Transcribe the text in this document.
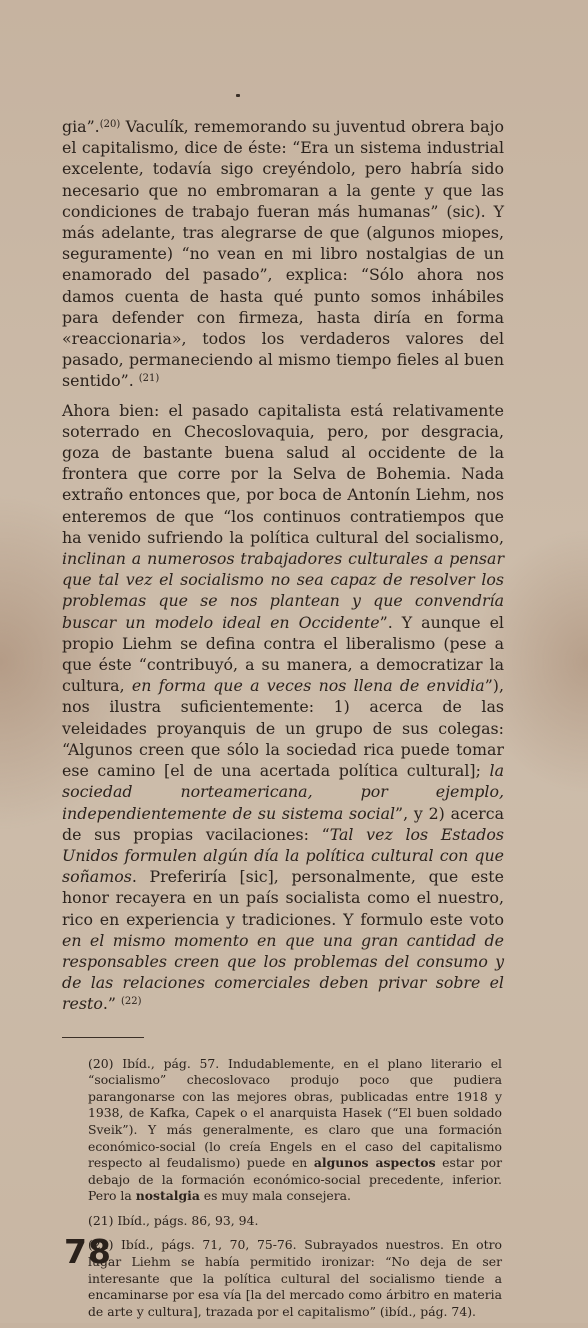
gia”.$^{(20)}$ Vaculík, rememorando su juventud obrera bajo el capitalismo, dice de éste: “Era un sistema industrial excelente, todavía sigo creyéndolo, pero habría sido necesario que no embromaran a la gente y que las condiciones de trabajo fueran más humanas” (sic). Y más adelante, tras alegrarse de que (algunos miopes, seguramente) “no vean en mi libro nostalgias de un enamorado del pasado”, explica: “Sólo ahora nos damos cuenta de hasta qué punto somos inhábiles para defender con firmeza, hasta diría en forma «reaccionaria», todos los verdaderos valores del pasado, permaneciendo al mismo tiempo fieles al buen sentido”. $^{(21)}$

Ahora bien: el pasado capitalista está relativamente soterrado en Checoslovaquia, pero, por desgracia, goza de bastante buena salud al occidente de la frontera que corre por la Selva de Bohemia. Nada extraño entonces que, por boca de Antonín Liehm, nos enteremos de que “los continuos contratiempos que ha venido sufriendo la política cultural del socialismo, inclinan a numerosos trabajadores culturales a pensar que tal vez el socialismo no sea capaz de resolver los problemas que se nos plantean y que convendría buscar un modelo ideal en Occidente”. Y aunque el propio Liehm se defina contra el liberalismo (pese a que éste “contribuyó, a su manera, a democratizar la cultura, en forma que a veces nos llena de envidia”), nos ilustra suficientemente: 1) acerca de las veleidades proyanquis de un grupo de sus colegas: “Algunos creen que sólo la sociedad rica puede tomar ese camino [el de una acertada política cultural]; la sociedad norteamericana, por ejemplo, independientemente de su sistema social”, y 2) acerca de sus propias vacilaciones: “Tal vez los Estados Unidos formulen algún día la política cultural con que soñamos. Preferiría [sic], personalmente, que este honor recayera en un país socialista como el nuestro, rico en experiencia y tradiciones. Y formulo este voto en el mismo momento en que una gran cantidad de responsables creen que los problemas del consumo y de las relaciones comerciales deben privar sobre el resto.” $^{(22)}$

(20) Ibíd., pág. 57. Indudablemente, en el plano literario el “socialismo” checoslovaco produjo poco que pudiera parangonarse con las mejores obras, publicadas entre 1918 y 1938, de Kafka, Capek o el anarquista Hasek (“El buen soldado Sveik”). Y más generalmente, es claro que una formación económico-social (lo creía Engels en el caso del capitalismo respecto al feudalismo) puede en algunos aspectos estar por debajo de la formación económico-social precedente, inferior. Pero la nostalgia es muy mala consejera.

(21) Ibíd., págs. 86, 93, 94.

(22) Ibíd., págs. 71, 70, 75-76. Subrayados nuestros. En otro lugar Liehm se había permitido ironizar: “No deja de ser interesante que la política cultural del socialismo tiende a encaminarse por esa vía [la del mercado como árbitro en materia de arte y cultura], trazada por el capitalismo” (ibíd., pág. 74).

78
